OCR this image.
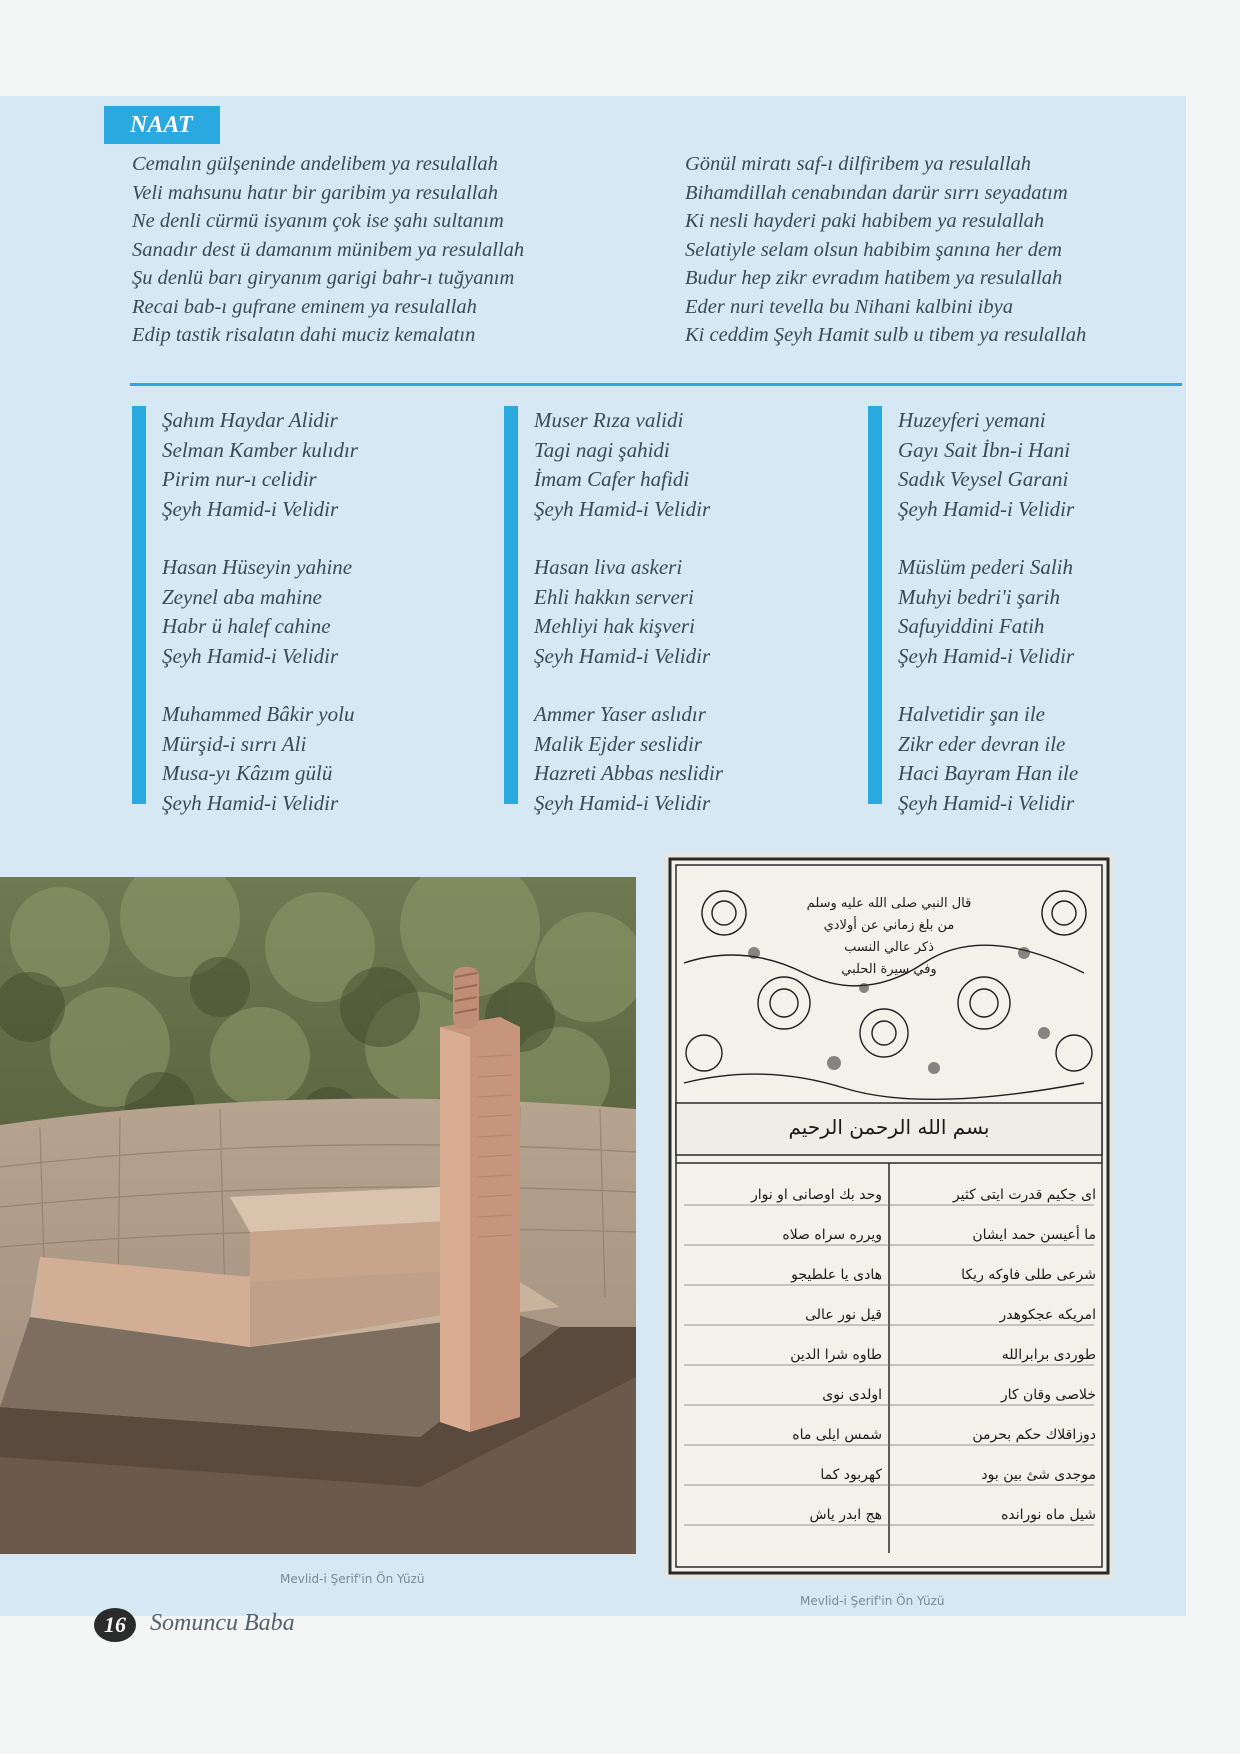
NAAT
Cemalın gülşeninde andelibem ya resulallah
Veli mahsunu hatır bir garibim ya resulallah
Ne denli cürmü isyanım çok ise şahı sultanım
Sanadır dest ü damanım münibem ya resulallah
Şu denlü barı giryanım garigi bahr-ı tuğyanım
Recai bab-ı gufrane eminem ya resulallah
Edip tastik risalatın dahi muciz kemalatın
Gönül miratı saf-ı dilfiribem ya resulallah
Bihamdillah cenabından darür sırrı seyadatım
Ki nesli hayderi paki habibem ya resulallah
Selatiyle selam olsun habibim şanına her dem
Budur hep zikr evradım hatibem ya resulallah
Eder nuri tevella bu Nihani kalbini ibya
Ki ceddim Şeyh Hamit sulb u tibem ya resulallah
Şahım Haydar Alidir
Selman Kamber kulıdır
Pirim nur-ı celidir
Şeyh Hamid-i Velidir
Hasan Hüseyin yahine
Zeynel aba mahine
Habr ü halef cahine
Şeyh Hamid-i Velidir
Muhammed Bâkir yolu
Mürşid-i sırrı Ali
Musa-yı Kâzım gülü
Şeyh Hamid-i Velidir
Muser Rıza validi
Tagi nagi şahidi
İmam Cafer hafidi
Şeyh Hamid-i Velidir
Hasan liva askeri
Ehli hakkın serveri
Mehliyi hak kişveri
Şeyh Hamid-i Velidir
Ammer Yaser aslıdır
Malik Ejder seslidir
Hazreti Abbas neslidir
Şeyh Hamid-i Velidir
Huzeyferi yemani
Gayı Sait İbn-i Hani
Sadık Veysel Garani
Şeyh Hamid-i Velidir
Müslüm pederi Salih
Muhyi bedri'i şarih
Safuyiddini Fatih
Şeyh Hamid-i Velidir
Halvetidir şan ile
Zikr eder devran ile
Haci Bayram Han ile
Şeyh Hamid-i Velidir
Mevlid-i Şerif'in Ön Yüzü
قال النبي صلى الله عليه وسلم
من بلغ زماني عن أولادي
ذكر عالي النسب
وفي سيرة الحلبي
بسم الله الرحمن الرحيم
ای جکیم قدرت ایتی کثیر
ما أعیسن حمد ایشان
شرعی طلی فاوکه ریکا
امریکه عجکوهدر
طوردی برابرالله
خلاصی وقان کار
دوزاقلاك حكم بحرمن
موجدی شئ بین بود
شیل ماه نورانده
وحد بك اوصانی او نوار
ویرره سراه صلاه
هادی یا علطیجو
قیل نور عالی
طاوه شرا الدین
اولدی نوی
شمس ایلی ماه
کهربود کما
هج ابدر یاش
Mevlid-i Şerif'in Ön Yüzü
16	Somuncu Baba
